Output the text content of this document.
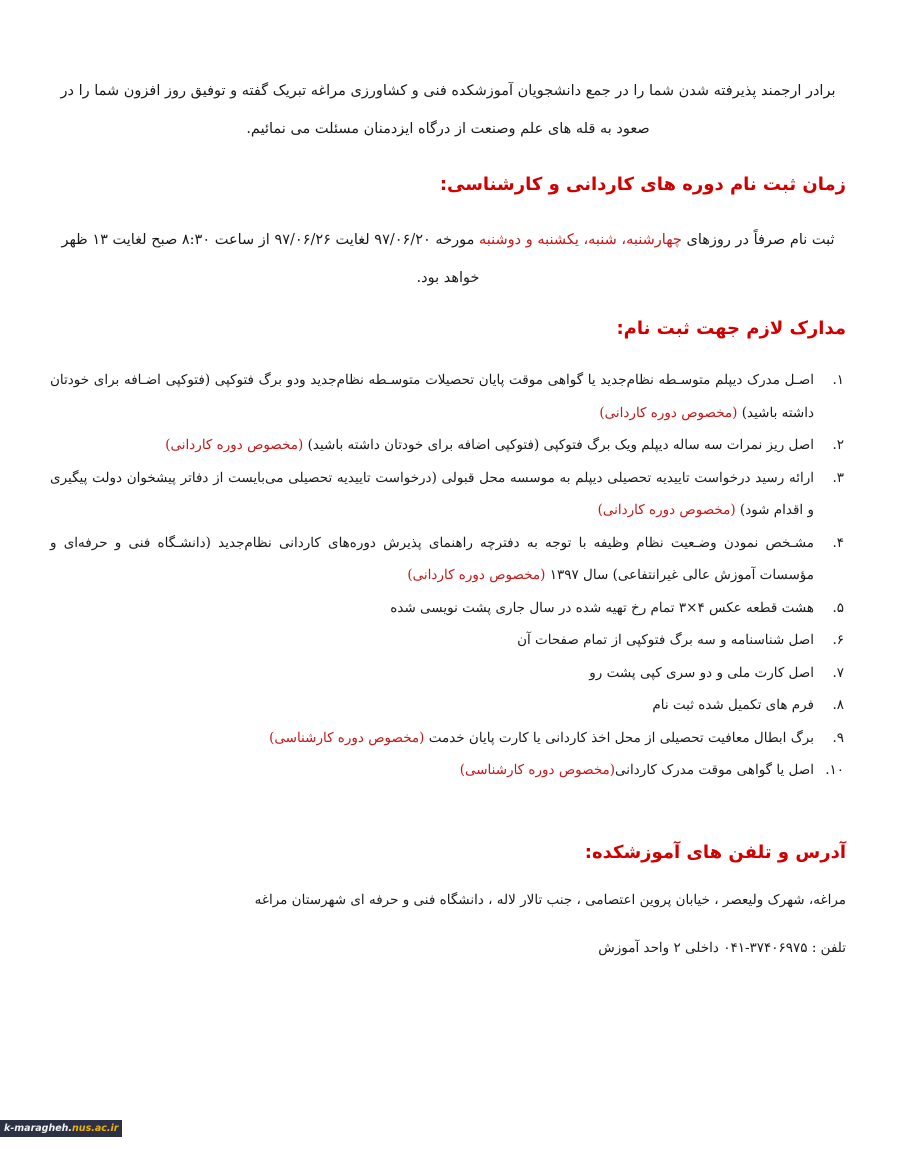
برادر ارجمند پذیرفته شدن شما را در جمع دانشجویان آموزشکده فنی و کشاورزی مراغه تبریک گفته و توفیق روز افزون شما را در صعود به قله های علم وصنعت از درگاه ایزدمنان مسئلت می نمائیم.
زمان ثبت نام دوره های کاردانی و کارشناسی:
ثبت نام صرفاً در روزهای چهارشنبه، شنبه، یکشنبه و دوشنبه مورخه ۹۷/۰۶/۲۰ لغایت ۹۷/۰۶/۲۶ از ساعت ۸:۳۰ صبح لغایت ۱۳ ظهر خواهد بود.
مدارک لازم جهت ثبت نام:
۱.
اصـل مدرک دیپلم متوسـطه نظام‌جدید یا گواهی موقت پایان تحصیلات متوسـطه نظام‌جدید ودو برگ فتوکپی (فتوکپی اضـافه برای خودتان داشته باشید) (مخصوص دوره کاردانی)
۲.
اصل ریز نمرات سه ساله دیپلم ویک برگ فتوکپی (فتوکپی اضافه برای خودتان داشته باشید) (مخصوص دوره کاردانی)
۳.
ارائه رسید درخواست تاییدیه تحصیلی دیپلم به موسسه محل قبولی (درخواست تاییدیه تحصیلی می‌بایست از دفاتر پیشخوان دولت پیگیری و اقدام شود) (مخصوص دوره کاردانی)
۴.
مشـخص نمودن وضـعیت نظام وظیفه با توجه به دفترچه راهنمای پذیرش دوره‌های کاردانی نظام‌جدید (دانشـگاه فنی و حرفه‌ای و مؤسسات آموزش عالی غیرانتفاعی) سال ۱۳۹۷ (مخصوص دوره کاردانی)
۵.
هشت قطعه عکس ۴×۳ تمام رخ تهیه شده در سال جاری پشت نویسی شده
۶.
اصل شناسنامه و سه برگ فتوکپی از تمام صفحات آن
۷.
اصل کارت ملی و دو سری کپی پشت رو
۸.
فرم های تکمیل شده ثبت نام
۹.
برگ ابطال معافیت تحصیلی از محل اخذ کاردانی یا کارت پایان خدمت (مخصوص دوره کارشناسی)
۱۰.
اصل یا گواهی موقت مدرک کاردانی(مخصوص دوره کارشناسی)
آدرس و تلفن های آموزشکده:
مراغه، شهرک ولیعصر ، خیابان پروین اعتصامی ، جنب تالار لاله ، دانشگاه فنی و حرفه ای شهرستان مراغه
تلفن : ۳۷۴۰۶۹۷۵-۰۴۱ داخلی ۲ واحد آموزش
k-maragheh.nus.ac.ir
